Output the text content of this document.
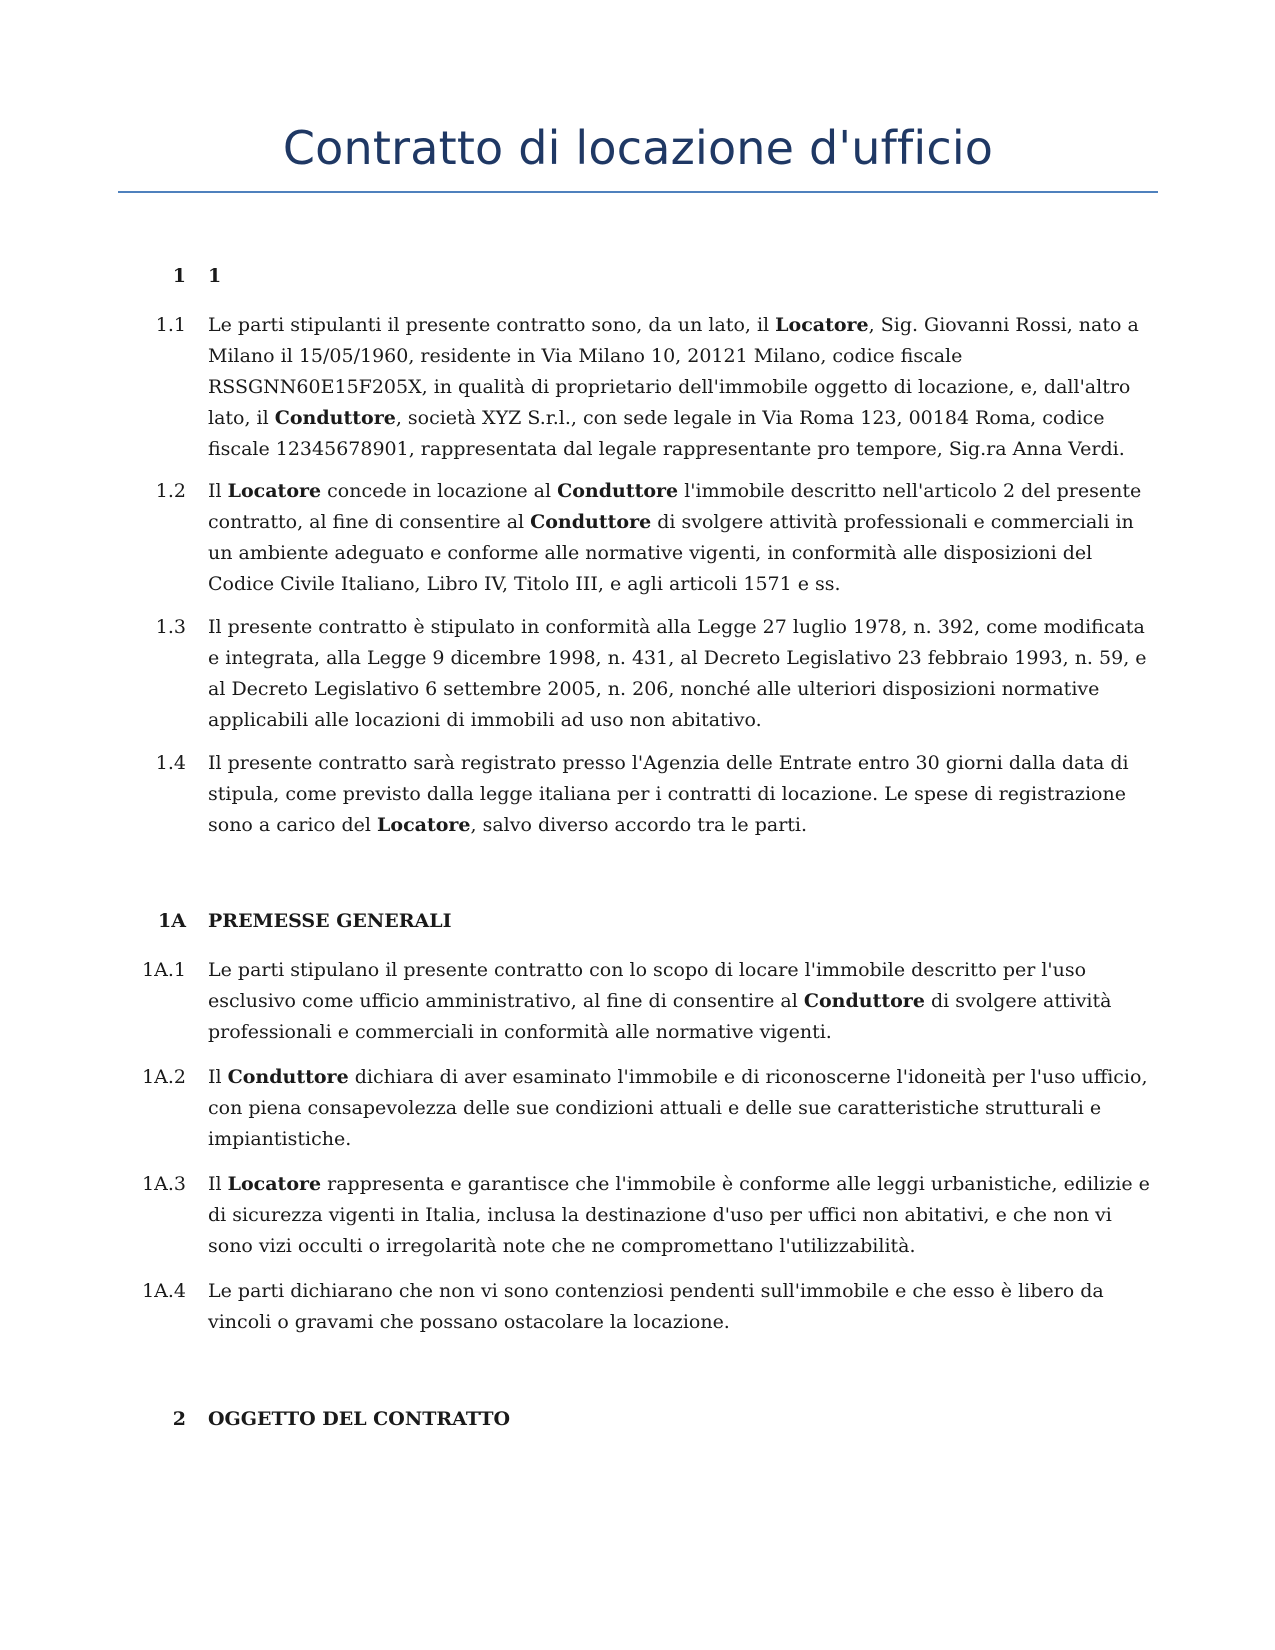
Contratto di locazione d'ufficio
1 1
1.1 Le parti stipulanti il presente contratto sono, da un lato, il Locatore, Sig. Giovanni Rossi, nato a Milano il 15/05/1960, residente in Via Milano 10, 20121 Milano, codice fiscale RSSGNN60E15F205X, in qualità di proprietario dell'immobile oggetto di locazione, e, dall'altro lato, il Conduttore, società XYZ S.r.l., con sede legale in Via Roma 123, 00184 Roma, codice fiscale 12345678901, rappresentata dal legale rappresentante pro tempore, Sig.ra Anna Verdi.
1.2 Il Locatore concede in locazione al Conduttore l'immobile descritto nell'articolo 2 del presente contratto, al fine di consentire al Conduttore di svolgere attività professionali e commerciali in un ambiente adeguato e conforme alle normative vigenti, in conformità alle disposizioni del Codice Civile Italiano, Libro IV, Titolo III, e agli articoli 1571 e ss.
1.3 Il presente contratto è stipulato in conformità alla Legge 27 luglio 1978, n. 392, come modificata e integrata, alla Legge 9 dicembre 1998, n. 431, al Decreto Legislativo 23 febbraio 1993, n. 59, e al Decreto Legislativo 6 settembre 2005, n. 206, nonché alle ulteriori disposizioni normative applicabili alle locazioni di immobili ad uso non abitativo.
1.4 Il presente contratto sarà registrato presso l'Agenzia delle Entrate entro 30 giorni dalla data di stipula, come previsto dalla legge italiana per i contratti di locazione. Le spese di registrazione sono a carico del Locatore, salvo diverso accordo tra le parti.
1A PREMESSE GENERALI
1A.1 Le parti stipulano il presente contratto con lo scopo di locare l'immobile descritto per l'uso esclusivo come ufficio amministrativo, al fine di consentire al Conduttore di svolgere attività professionali e commerciali in conformità alle normative vigenti.
1A.2 Il Conduttore dichiara di aver esaminato l'immobile e di riconoscerne l'idoneità per l'uso ufficio, con piena consapevolezza delle sue condizioni attuali e delle sue caratteristiche strutturali e impiantistiche.
1A.3 Il Locatore rappresenta e garantisce che l'immobile è conforme alle leggi urbanistiche, edilizie e di sicurezza vigenti in Italia, inclusa la destinazione d'uso per uffici non abitativi, e che non vi sono vizi occulti o irregolarità note che ne compromettano l'utilizzabilità.
1A.4 Le parti dichiarano che non vi sono contenziosi pendenti sull'immobile e che esso è libero da vincoli o gravami che possano ostacolare la locazione.
2 OGGETTO DEL CONTRATTO
